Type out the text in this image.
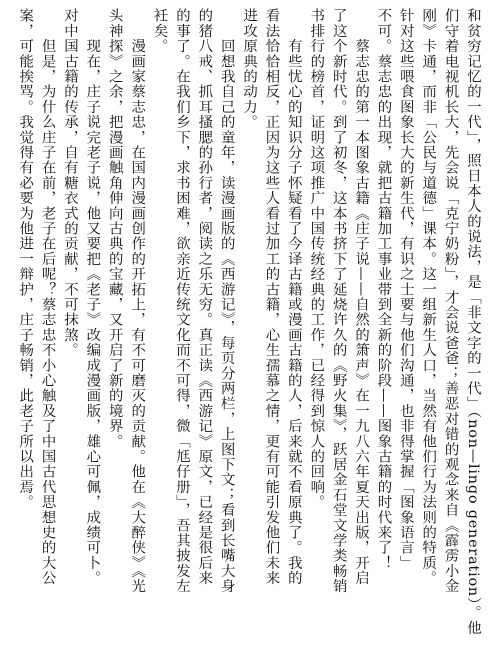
和贫穷记忆的一代」，照日本人的说法，是「非文字的一代」（non—lingo generation）。他
们守着电视机长大，先会说「克宁奶粉」，才会说爸爸；善恶对错的观念来自《霹雳小金
刚》卡通，而非「公民与道德」课本。这一组新生人口，当然有他们行为法则的特质。
针对这些喂食图象长大的新生代，有识之士要与他们沟通，也非得掌握「图象语言」
不可。蔡志忠的出现，就把古籍加工事业带到全新的阶段——图象古籍的时代来了！
　　蔡志忠的第一本图象古籍《庄子说——自然的箫声》在一九八六年夏天出版，开启
了这个新时代。到了初冬，这本书挤下了延烧许久的《野火集》，跃居金石堂文学类畅销
书排行的榜首，证明这项推广中国传统经典的工作，已经得到惊人的回响。
　　有些忧心的知识分子怀疑看了今译古籍或漫画古籍的人，后来就不看原典了。我的
看法恰恰相反，正因为这些人看过加工的古籍，心生孺慕之情，更有可能引发他们未来
进攻原典的动力。
　　回想我自己的童年，读漫画版的《西游记》，每页分两栏，上图下文；看到长嘴大身
的猪八戒、抓耳搔腮的孙行者，阅读之乐无穷。真正读《西游记》原文，已经是很后来
的事了。在我们乡下，求书困难，欲亲近传统文化而不可得，微「尪仔册」，吾其披发左
衽矣。
　　漫画家蔡志忠，在国内漫画创作的开拓上，有不可磨灭的贡献。他在《大醉侠》《光
头神探》之余，把漫画触角伸向古典的宝藏，又开启了新的境界。
　　现在，庄子说完老子说，他又要把《老子》改编成漫画版，雄心可佩，成绩可卜。
对中国古籍的传承，自有糖衣式的贡献，不可抹煞。
　　但是，为什么庄子在前，老子在后呢？蔡志忠不小心触及了中国古代思想史的大公
案，可能挨骂。我觉得有必要为他进一辩护，庄子畅销，此老子所以出焉。
